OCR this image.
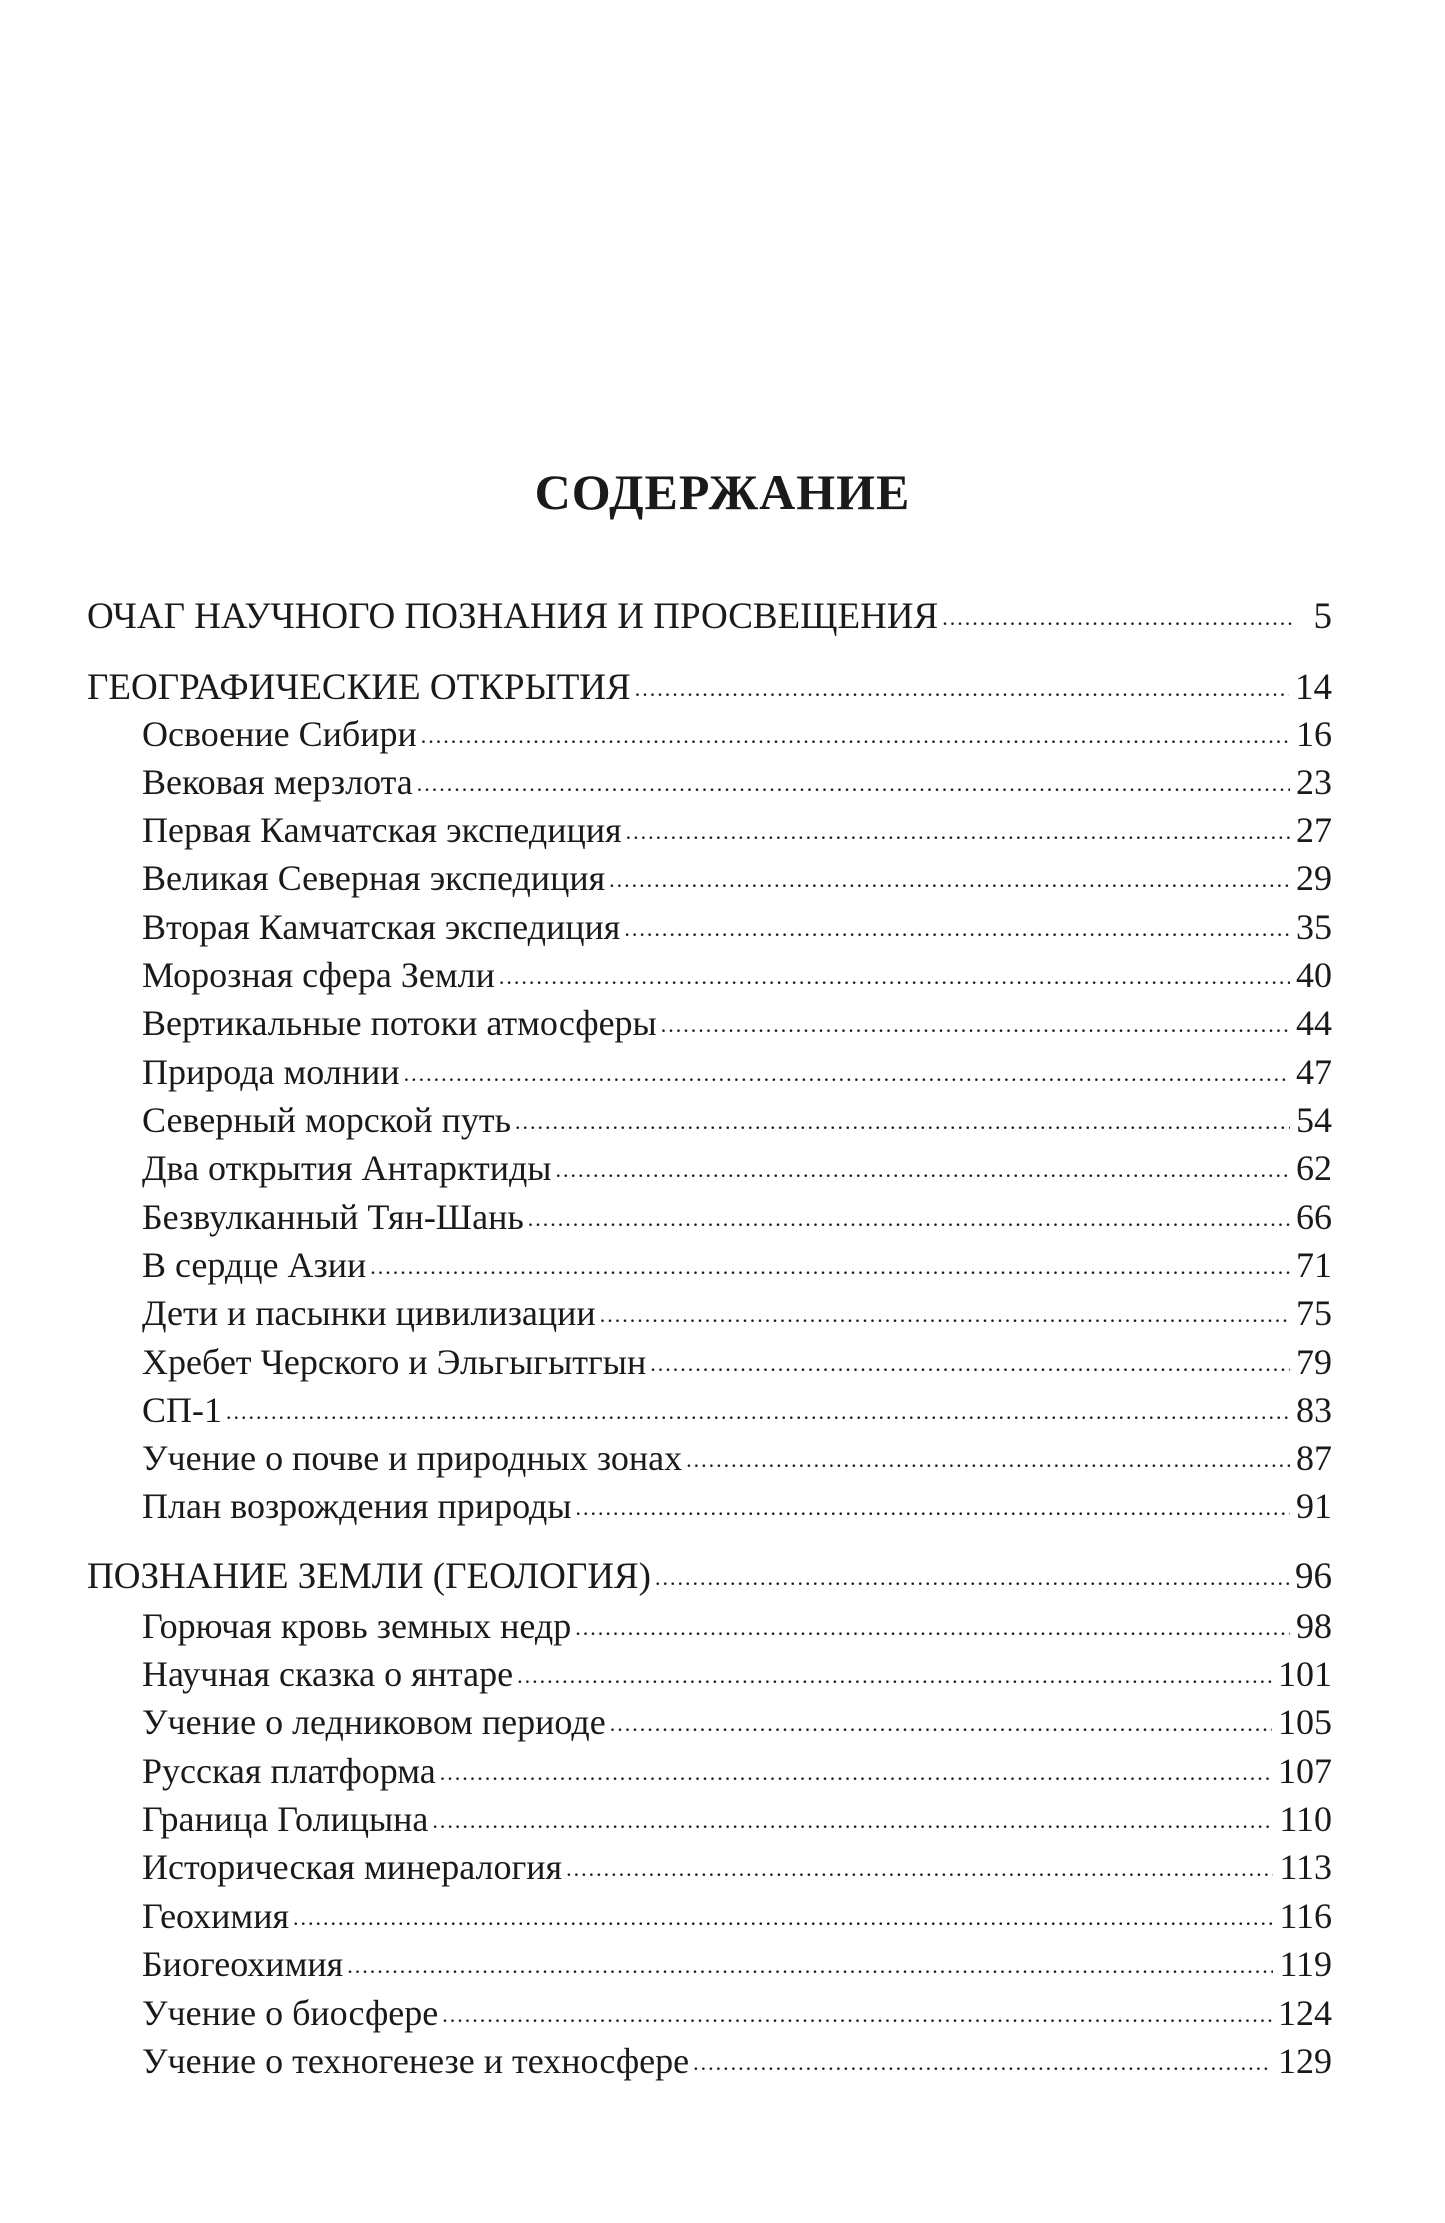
СОДЕРЖАНИЕ
ОЧАГ НАУЧНОГО ПОЗНАНИЯ И ПРОСВЕЩЕНИЯ .....	5
ГЕОГРАФИЧЕСКИЕ ОТКРЫТИЯ .....	14
Освоение Сибири .....	16
Вековая мерзлота .....	23
Первая Камчатская экспедиция .....	27
Великая Северная экспедиция .....	29
Вторая Камчатская экспедиция .....	35
Морозная сфера Земли .....	40
Вертикальные потоки атмосферы .....	44
Природа молнии .....	47
Северный морской путь .....	54
Два открытия Антарктиды .....	62
Безвулканный Тян-Шань .....	66
В сердце Азии .....	71
Дети и пасынки цивилизации .....	75
Хребет Черского и Эльгыгытгын .....	79
СП-1 .....	83
Учение о почве и природных зонах .....	87
План возрождения природы .....	91
ПОЗНАНИЕ ЗЕМЛИ (ГЕОЛОГИЯ) .....	96
Горючая кровь земных недр .....	98
Научная сказка о янтаре .....	101
Учение о ледниковом периоде .....	105
Русская платформа .....	107
Граница Голицына .....	110
Историческая минералогия .....	113
Геохимия .....	116
Биогеохимия .....	119
Учение о биосфере .....	124
Учение о техногенезе и техносфере .....	129
